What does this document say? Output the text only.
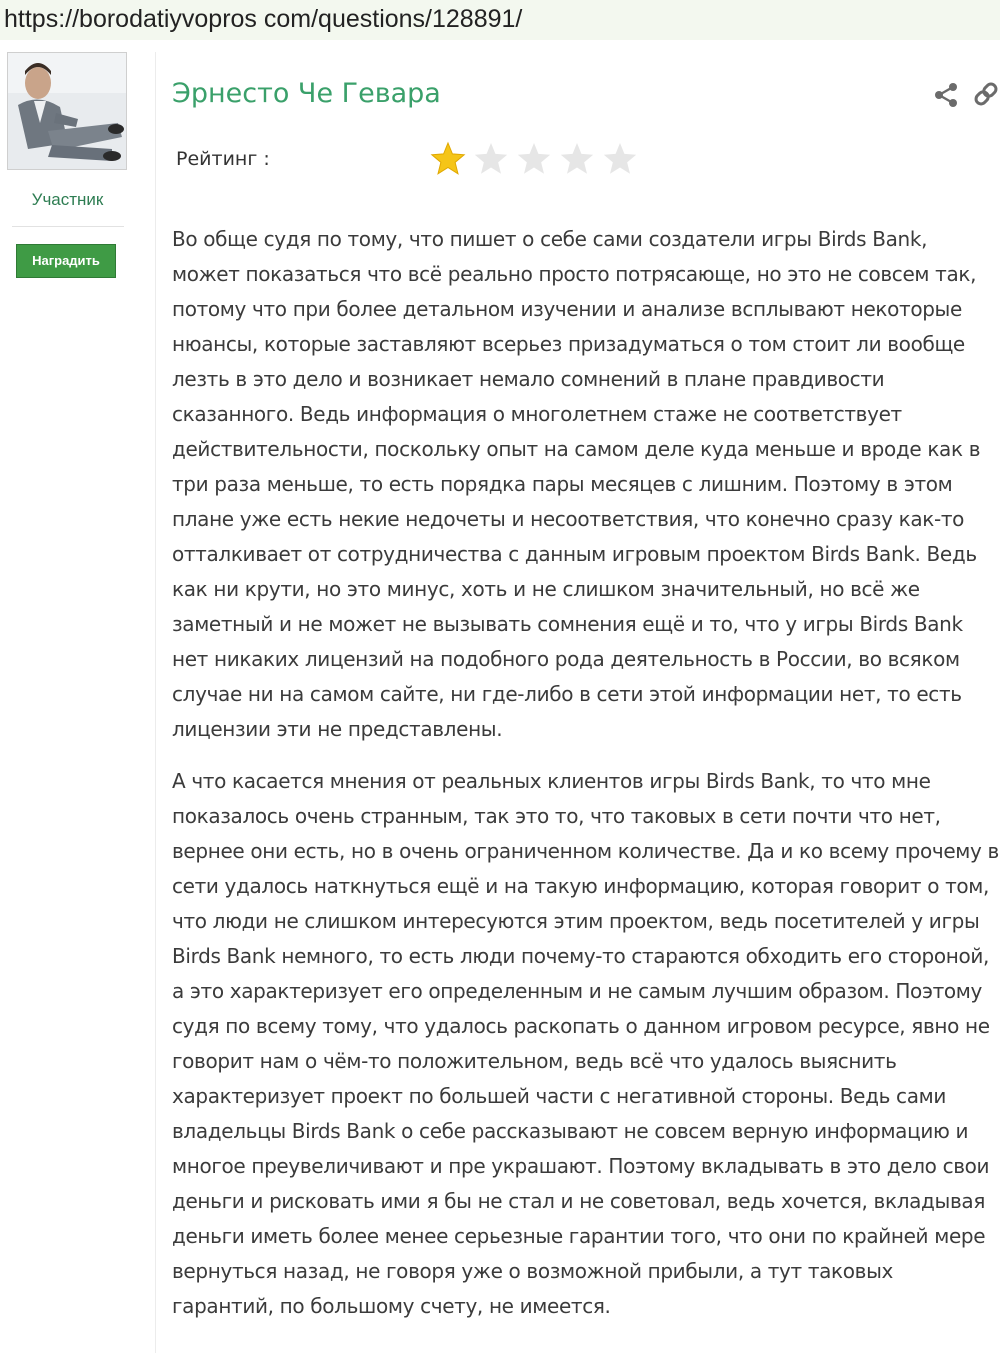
https://borodatiyvopros com/questions/128891/
Участник
Наградить
Эрнесто Че Гевара
Рейтинг :

Во обще судя по тому, что пишет о себе сами создатели игры Birds Bank, может показаться что всё реально просто потрясающе, но это не совсем так, потому что при более детальном изучении и анализе всплывают некоторые нюансы, которые заставляют всерьез призадуматься о том стоит ли вообще лезть в это дело и возникает немало сомнений в плане правдивости сказанного. Ведь информация о многолетнем стаже не соответствует действительности, поскольку опыт на самом деле куда меньше и вроде как в три раза меньше, то есть порядка пары месяцев с лишним. Поэтому в этом плане уже есть некие недочеты и несоответствия, что конечно сразу как-то отталкивает от сотрудничества с данным игровым проектом Birds Bank. Ведь как ни крути, но это минус, хоть и не слишком значительный, но всё же заметный и не может не вызывать сомнения ещё и то, что у игры Birds Bank нет никаких лицензий на подобного рода деятельность в России, во всяком случае ни на самом сайте, ни где-либо в сети этой информации нет, то есть лицензии эти не представлены.

А что касается мнения от реальных клиентов игры Birds Bank, то что мне показалось очень странным, так это то, что таковых в сети почти что нет, вернее они есть, но в очень ограниченном количестве. Да и ко всему прочему в сети удалось наткнуться ещё и на такую информацию, которая говорит о том, что люди не слишком интересуются этим проектом, ведь посетителей у игры Birds Bank немного, то есть люди почему-то стараются обходить его стороной, а это характеризует его определенным и не самым лучшим образом. Поэтому судя по всему тому, что удалось раскопать о данном игровом ресурсе, явно не говорит нам о чём-то положительном, ведь всё что удалось выяснить характеризует проект по большей части с негативной стороны. Ведь сами владельцы Birds Bank о себе рассказывают не совсем верную информацию и многое преувеличивают и пре украшают. Поэтому вкладывать в это дело свои деньги и рисковать ими я бы не стал и не советовал, ведь хочется, вкладывая деньги иметь более менее серьезные гарантии того, что они по крайней мере вернуться назад, не говоря уже о возможной прибыли, а тут таковых гарантий, по большому счету, не имеется.
